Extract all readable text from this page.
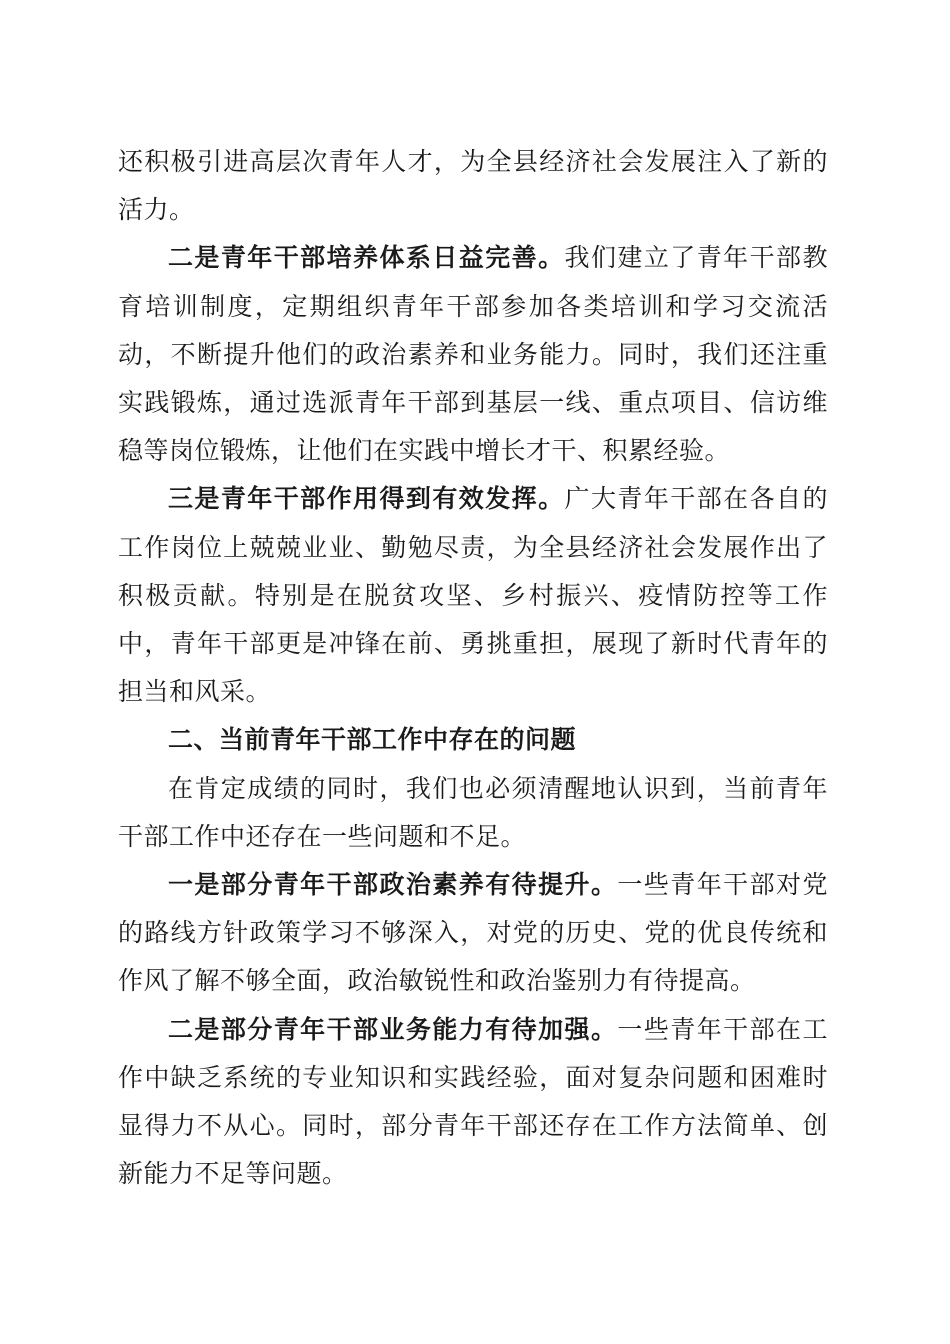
还积极引进高层次青年人才，为全县经济社会发展注入了新的活力。

二是青年干部培养体系日益完善。我们建立了青年干部教育培训制度，定期组织青年干部参加各类培训和学习交流活动，不断提升他们的政治素养和业务能力。同时，我们还注重实践锻炼，通过选派青年干部到基层一线、重点项目、信访维稳等岗位锻炼，让他们在实践中增长才干、积累经验。

三是青年干部作用得到有效发挥。广大青年干部在各自的工作岗位上兢兢业业、勤勉尽责，为全县经济社会发展作出了积极贡献。特别是在脱贫攻坚、乡村振兴、疫情防控等工作中，青年干部更是冲锋在前、勇挑重担，展现了新时代青年的担当和风采。

二、当前青年干部工作中存在的问题

在肯定成绩的同时，我们也必须清醒地认识到，当前青年干部工作中还存在一些问题和不足。

一是部分青年干部政治素养有待提升。一些青年干部对党的路线方针政策学习不够深入，对党的历史、党的优良传统和作风了解不够全面，政治敏锐性和政治鉴别力有待提高。

二是部分青年干部业务能力有待加强。一些青年干部在工作中缺乏系统的专业知识和实践经验，面对复杂问题和困难时显得力不从心。同时，部分青年干部还存在工作方法简单、创新能力不足等问题。
